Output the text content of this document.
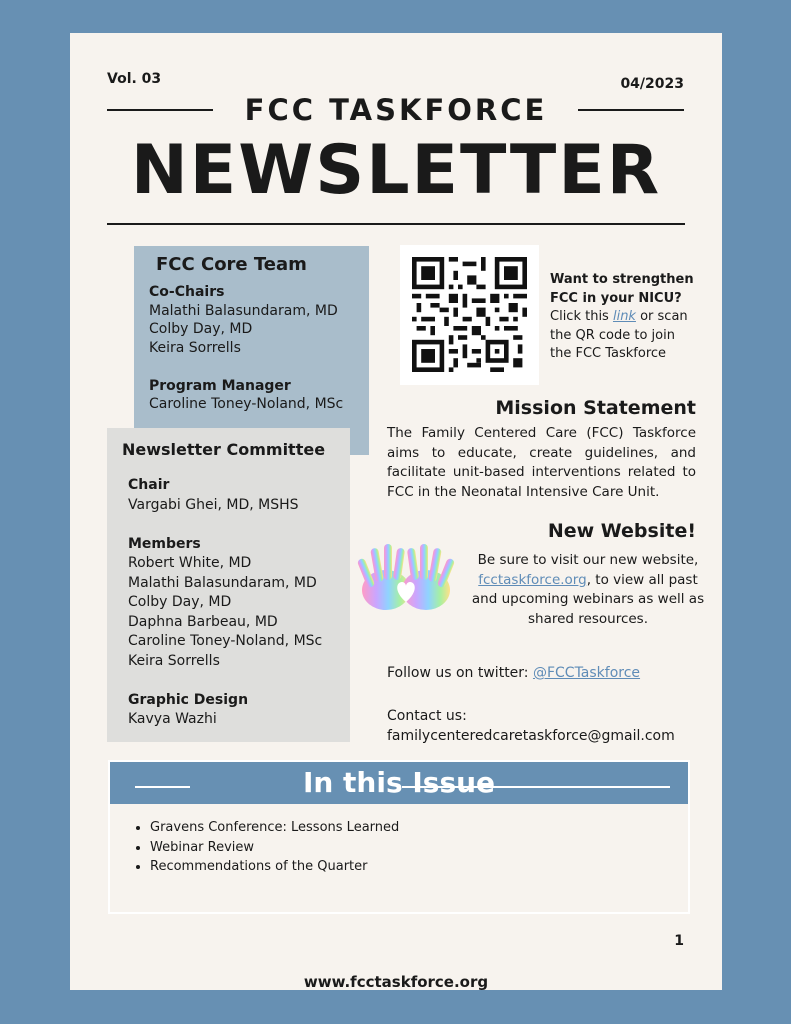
Vol. 03	04/2023
FCC TASKFORCE
NEWSLETTER
FCC Core Team
Co-Chairs
Malathi Balasundaram, MD
Colby Day, MD
Keira Sorrells
Program Manager
Caroline Toney-Noland, MSc
Newsletter Committee
Chair
Vargabi Ghei, MD, MSHS
Members
Robert White, MD
Malathi Balasundaram, MD
Colby Day, MD
Daphna Barbeau, MD
Caroline Toney-Noland, MSc
Keira Sorrells
Graphic Design
Kavya Wazhi
Want to strengthen
FCC in your NICU?
Click this link or scan the QR code to join the FCC Taskforce
Mission Statement
The Family Centered Care (FCC) Taskforce aims to educate, create guidelines, and facilitate unit-based interventions related to FCC in the Neonatal Intensive Care Unit.
New Website!
Be sure to visit our new website, fcctaskforce.org, to view all past and upcoming webinars as well as shared resources.
Follow us on twitter: @FCCTaskforce
Contact us:
familycenteredcaretaskforce@gmail.com
In this Issue
• Gravens Conference: Lessons Learned
• Webinar Review
• Recommendations of the Quarter
1
www.fcctaskforce.org
